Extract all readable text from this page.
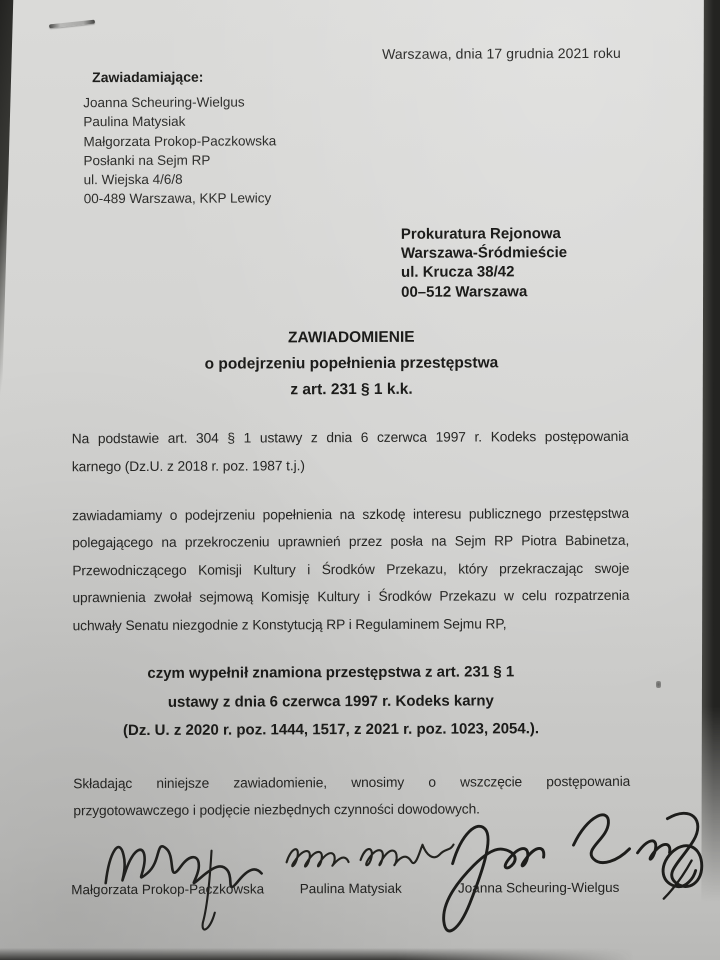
Warszawa, dnia 17 grudnia 2021 roku
Zawiadamiające:
Joanna Scheuring-Wielgus
Paulina Matysiak
Małgorzata Prokop-Paczkowska
Posłanki na Sejm RP
ul. Wiejska 4/6/8
00-489 Warszawa, KKP Lewicy
Prokuratura Rejonowa
Warszawa-Śródmieście
ul. Krucza 38/42
00–512 Warszawa
ZAWIADOMIENIE
o podejrzeniu popełnienia przestępstwa
z art. 231 § 1 k.k.
Na podstawie art. 304 § 1 ustawy z dnia 6 czerwca 1997 r. Kodeks postępowania
karnego (Dz.U. z 2018 r. poz. 1987 t.j.)
zawiadamiamy o podejrzeniu popełnienia na szkodę interesu publicznego przestępstwa
polegającego na przekroczeniu uprawnień przez posła na Sejm RP Piotra Babinetza,
Przewodniczącego Komisji Kultury i Środków Przekazu, który przekraczając swoje
uprawnienia zwołał sejmową Komisję Kultury i Środków Przekazu w celu rozpatrzenia
uchwały Senatu niezgodnie z Konstytucją RP i Regulaminem Sejmu RP,
czym wypełnił znamiona przestępstwa z art. 231 § 1
ustawy z dnia 6 czerwca 1997 r. Kodeks karny
(Dz. U. z 2020 r. poz. 1444, 1517, z 2021 r. poz. 1023, 2054.).
Składając niniejsze zawiadomienie, wnosimy o wszczęcie postępowania
przygotowawczego i podjęcie niezbędnych czynności dowodowych.
Małgorzata Prokop-Paczkowska	Paulina Matysiak	Joanna Scheuring-Wielgus
